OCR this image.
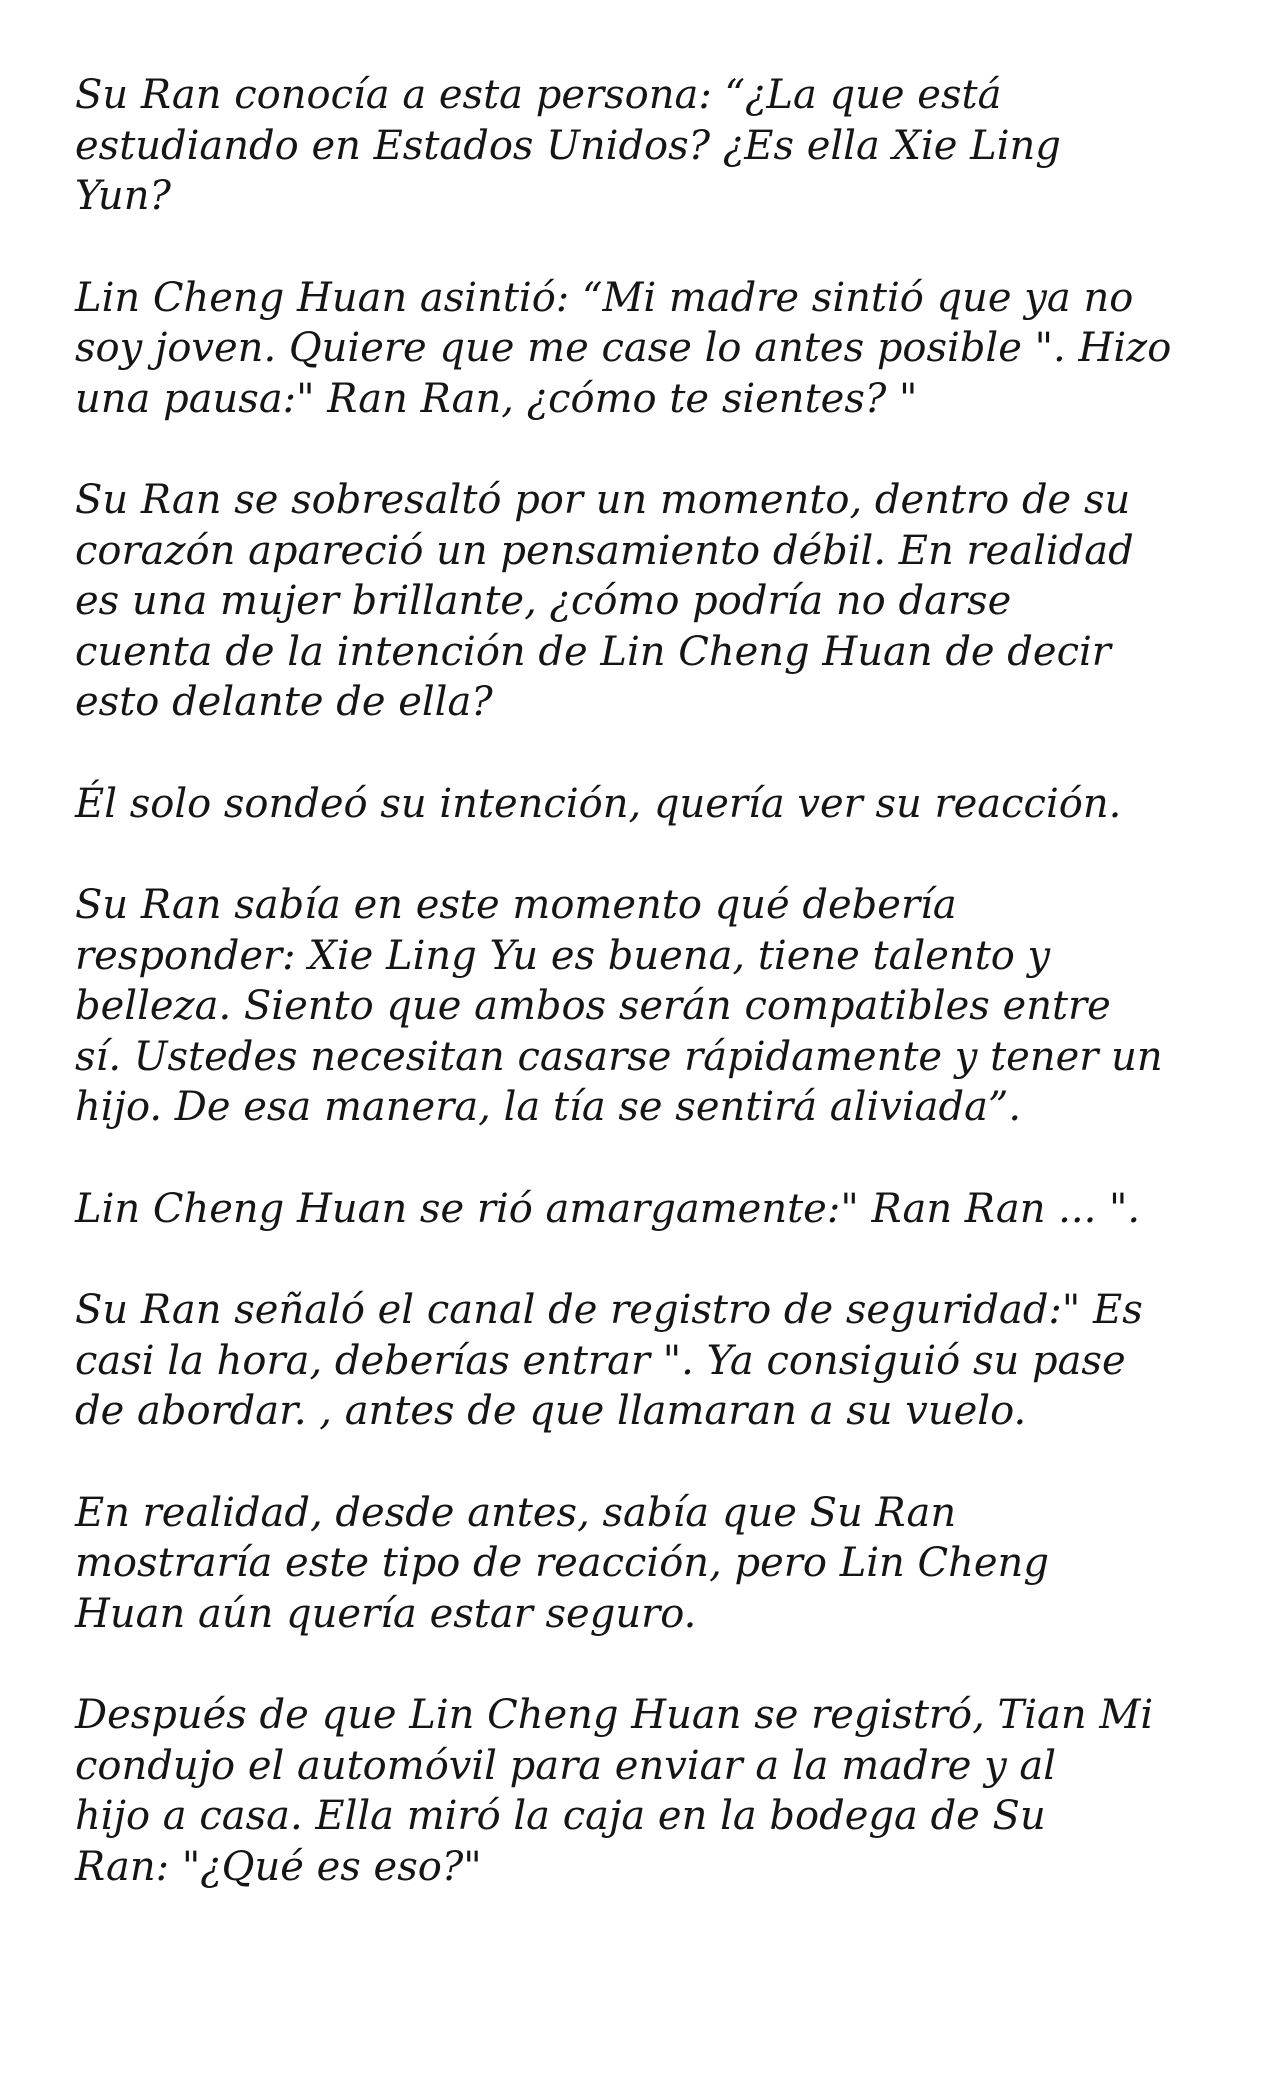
Su Ran conocía a esta persona: “¿La que está
estudiando en Estados Unidos? ¿Es ella Xie Ling
Yun?

Lin Cheng Huan asintió: “Mi madre sintió que ya no
soy joven. Quiere que me case lo antes posible ". Hizo
una pausa:" Ran Ran, ¿cómo te sientes? "

Su Ran se sobresaltó por un momento, dentro de su
corazón apareció un pensamiento débil. En realidad
es una mujer brillante, ¿cómo podría no darse
cuenta de la intención de Lin Cheng Huan de decir
esto delante de ella?

Él solo sondeó su intención, quería ver su reacción.

Su Ran sabía en este momento qué debería
responder: Xie Ling Yu es buena, tiene talento y
belleza. Siento que ambos serán compatibles entre
sí. Ustedes necesitan casarse rápidamente y tener un
hijo. De esa manera, la tía se sentirá aliviada”.

Lin Cheng Huan se rió amargamente:" Ran Ran ... ".

Su Ran señaló el canal de registro de seguridad:" Es
casi la hora, deberías entrar ". Ya consiguió su pase
de abordar. , antes de que llamaran a su vuelo.

En realidad, desde antes, sabía que Su Ran
mostraría este tipo de reacción, pero Lin Cheng
Huan aún quería estar seguro.

Después de que Lin Cheng Huan se registró, Tian Mi
condujo el automóvil para enviar a la madre y al
hijo a casa. Ella miró la caja en la bodega de Su
Ran: "¿Qué es eso?"
